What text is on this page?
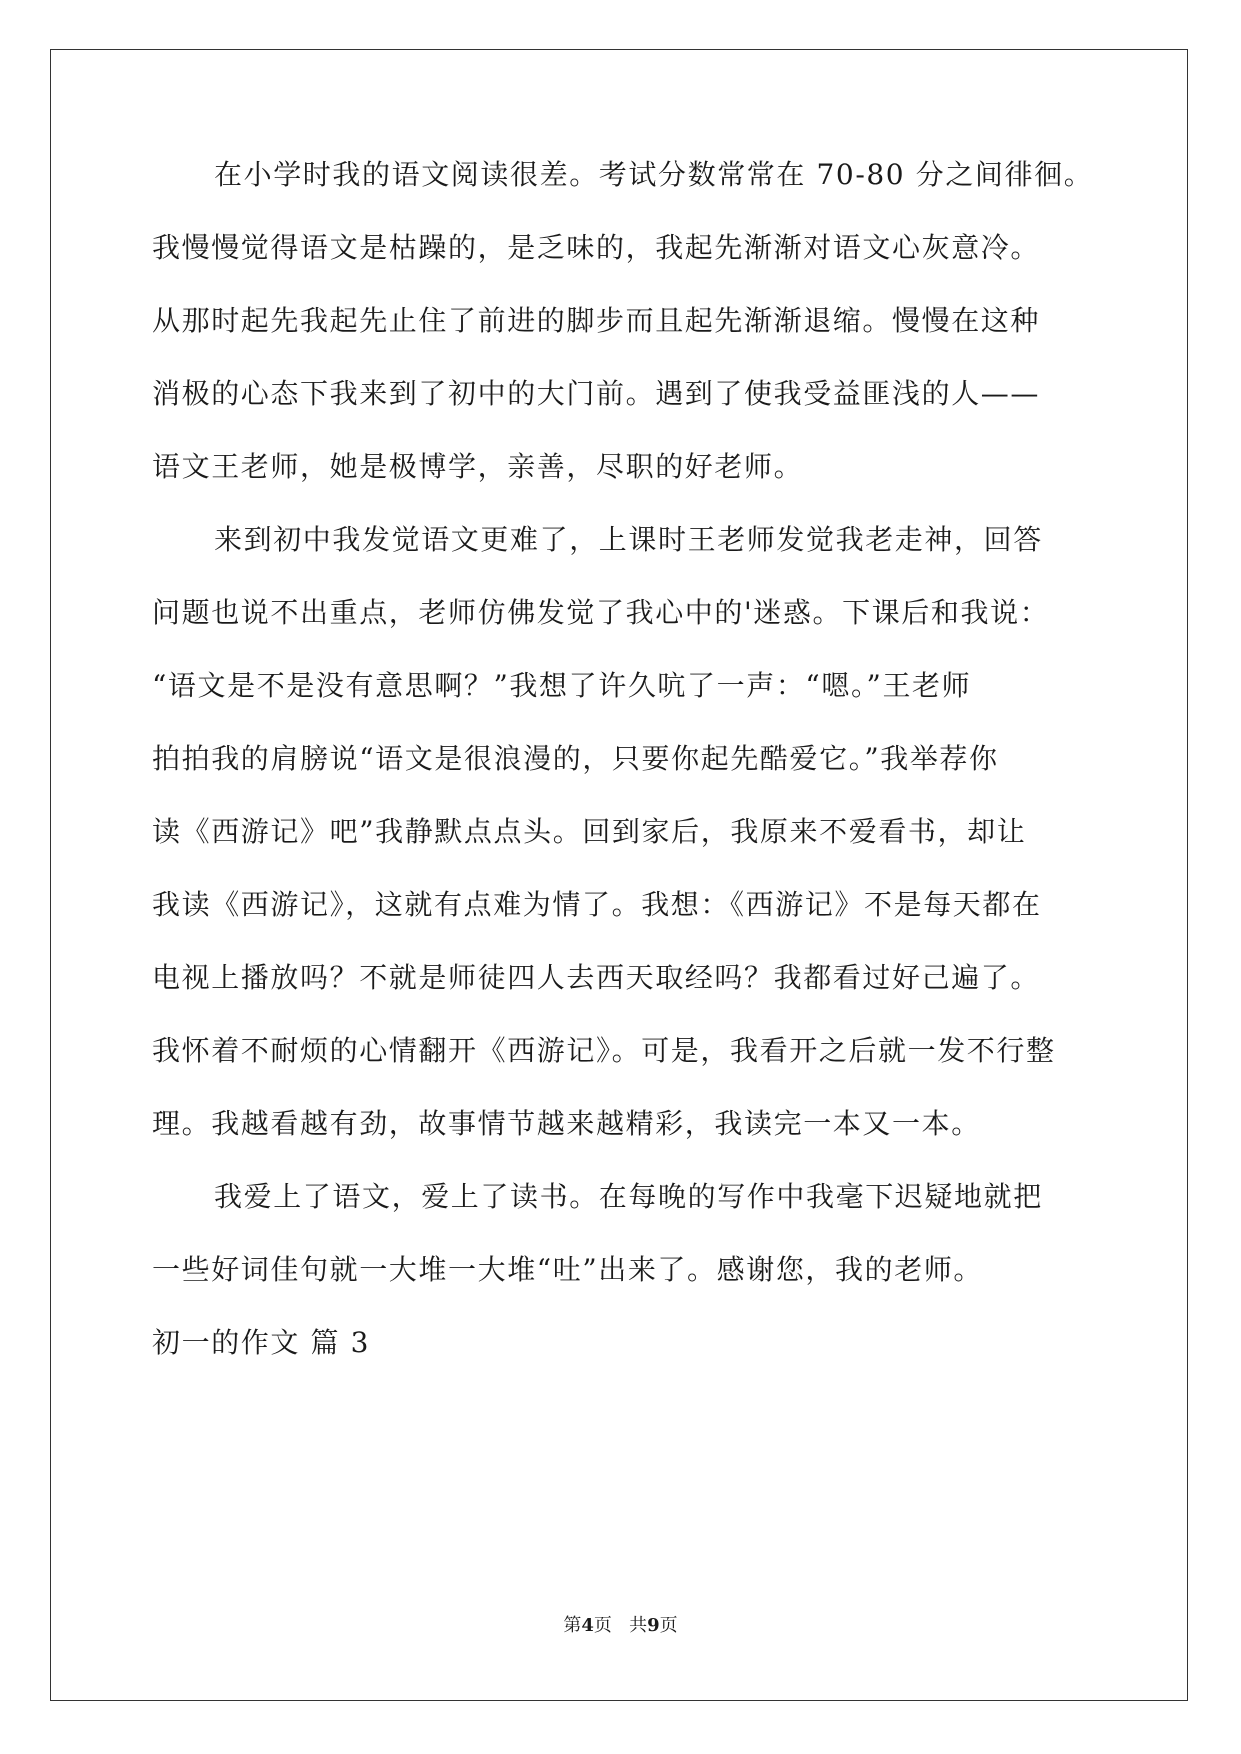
在小学时我的语文阅读很差。考试分数常常在 70-80 分之间徘徊。
我慢慢觉得语文是枯躁的，是乏味的，我起先渐渐对语文心灰意冷。
从那时起先我起先止住了前进的脚步而且起先渐渐退缩。慢慢在这种
消极的心态下我来到了初中的大门前。遇到了使我受益匪浅的人——
语文王老师，她是极博学，亲善，尽职的好老师。
来到初中我发觉语文更难了，上课时王老师发觉我老走神，回答
问题也说不出重点，老师仿佛发觉了我心中的'迷惑。下课后和我说：
“语文是不是没有意思啊？”我想了许久吭了一声：“嗯。”王老师
拍拍我的肩膀说“语文是很浪漫的，只要你起先酷爱它。”我举荐你
读《西游记》吧”我静默点点头。回到家后，我原来不爱看书，却让
我读《西游记》，这就有点难为情了。我想：《西游记》不是每天都在
电视上播放吗？不就是师徒四人去西天取经吗？我都看过好己遍了。
我怀着不耐烦的心情翻开《西游记》。可是，我看开之后就一发不行整
理。我越看越有劲，故事情节越来越精彩，我读完一本又一本。
我爱上了语文，爱上了读书。在每晚的写作中我毫下迟疑地就把
一些好词佳句就一大堆一大堆“吐”出来了。感谢您，我的老师。
初一的作文 篇 3
第4页 共9页
